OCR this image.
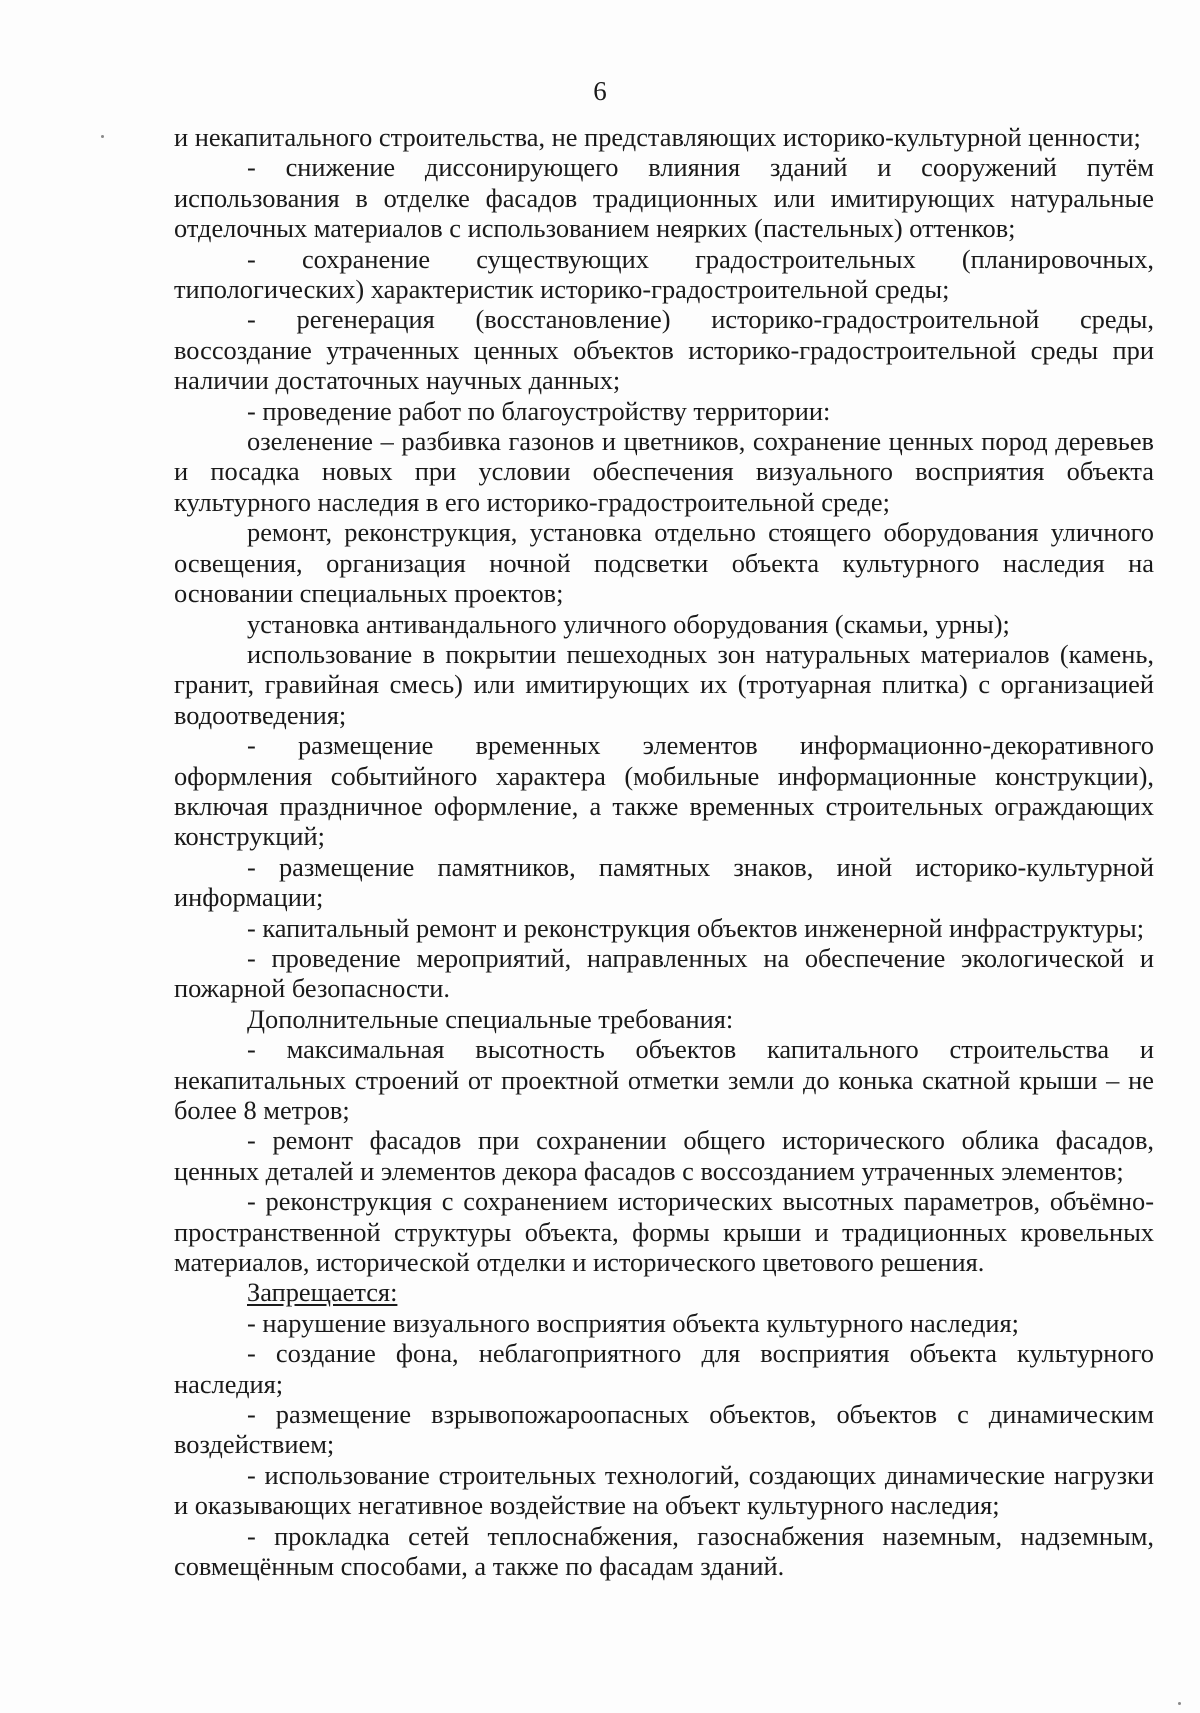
6

и некапитального строительства, не представляющих историко-культурной ценности;

- снижение диссонирующего влияния зданий и сооружений путём использования в отделке фасадов традиционных или имитирующих натуральные отделочных материалов с использованием неярких (пастельных) оттенков;

- сохранение существующих градостроительных (планировочных, типологических) характеристик историко-градостроительной среды;

- регенерация (восстановление) историко-градостроительной среды, воссоздание утраченных ценных объектов историко-градостроительной среды при наличии достаточных научных данных;

- проведение работ по благоустройству территории:

озеленение – разбивка газонов и цветников, сохранение ценных пород деревьев и посадка новых при условии обеспечения визуального восприятия объекта культурного наследия в его историко-градостроительной среде;

ремонт, реконструкция, установка отдельно стоящего оборудования уличного освещения, организация ночной подсветки объекта культурного наследия на основании специальных проектов;

установка антивандального уличного оборудования (скамьи, урны);

использование в покрытии пешеходных зон натуральных материалов (камень, гранит, гравийная смесь) или имитирующих их (тротуарная плитка) с организацией водоотведения;

- размещение временных элементов информационно-декоративного оформления событийного характера (мобильные информационные конструкции), включая праздничное оформление, а также временных строительных ограждающих конструкций;

- размещение памятников, памятных знаков, иной историко-культурной информации;

- капитальный ремонт и реконструкция объектов инженерной инфраструктуры;

- проведение мероприятий, направленных на обеспечение экологической и пожарной безопасности.

Дополнительные специальные требования:

- максимальная высотность объектов капитального строительства и некапитальных строений от проектной отметки земли до конька скатной крыши – не более 8 метров;

- ремонт фасадов при сохранении общего исторического облика фасадов, ценных деталей и элементов декора фасадов с воссозданием утраченных элементов;

- реконструкция с сохранением исторических высотных параметров, объёмно-пространственной структуры объекта, формы крыши и традиционных кровельных материалов, исторической отделки и исторического цветового решения.

Запрещается:

- нарушение визуального восприятия объекта культурного наследия;

- создание фона, неблагоприятного для восприятия объекта культурного наследия;

- размещение взрывопожароопасных объектов, объектов с динамическим воздействием;

- использование строительных технологий, создающих динамические нагрузки и оказывающих негативное воздействие на объект культурного наследия;

- прокладка сетей теплоснабжения, газоснабжения наземным, надземным, совмещённым способами, а также по фасадам зданий.
